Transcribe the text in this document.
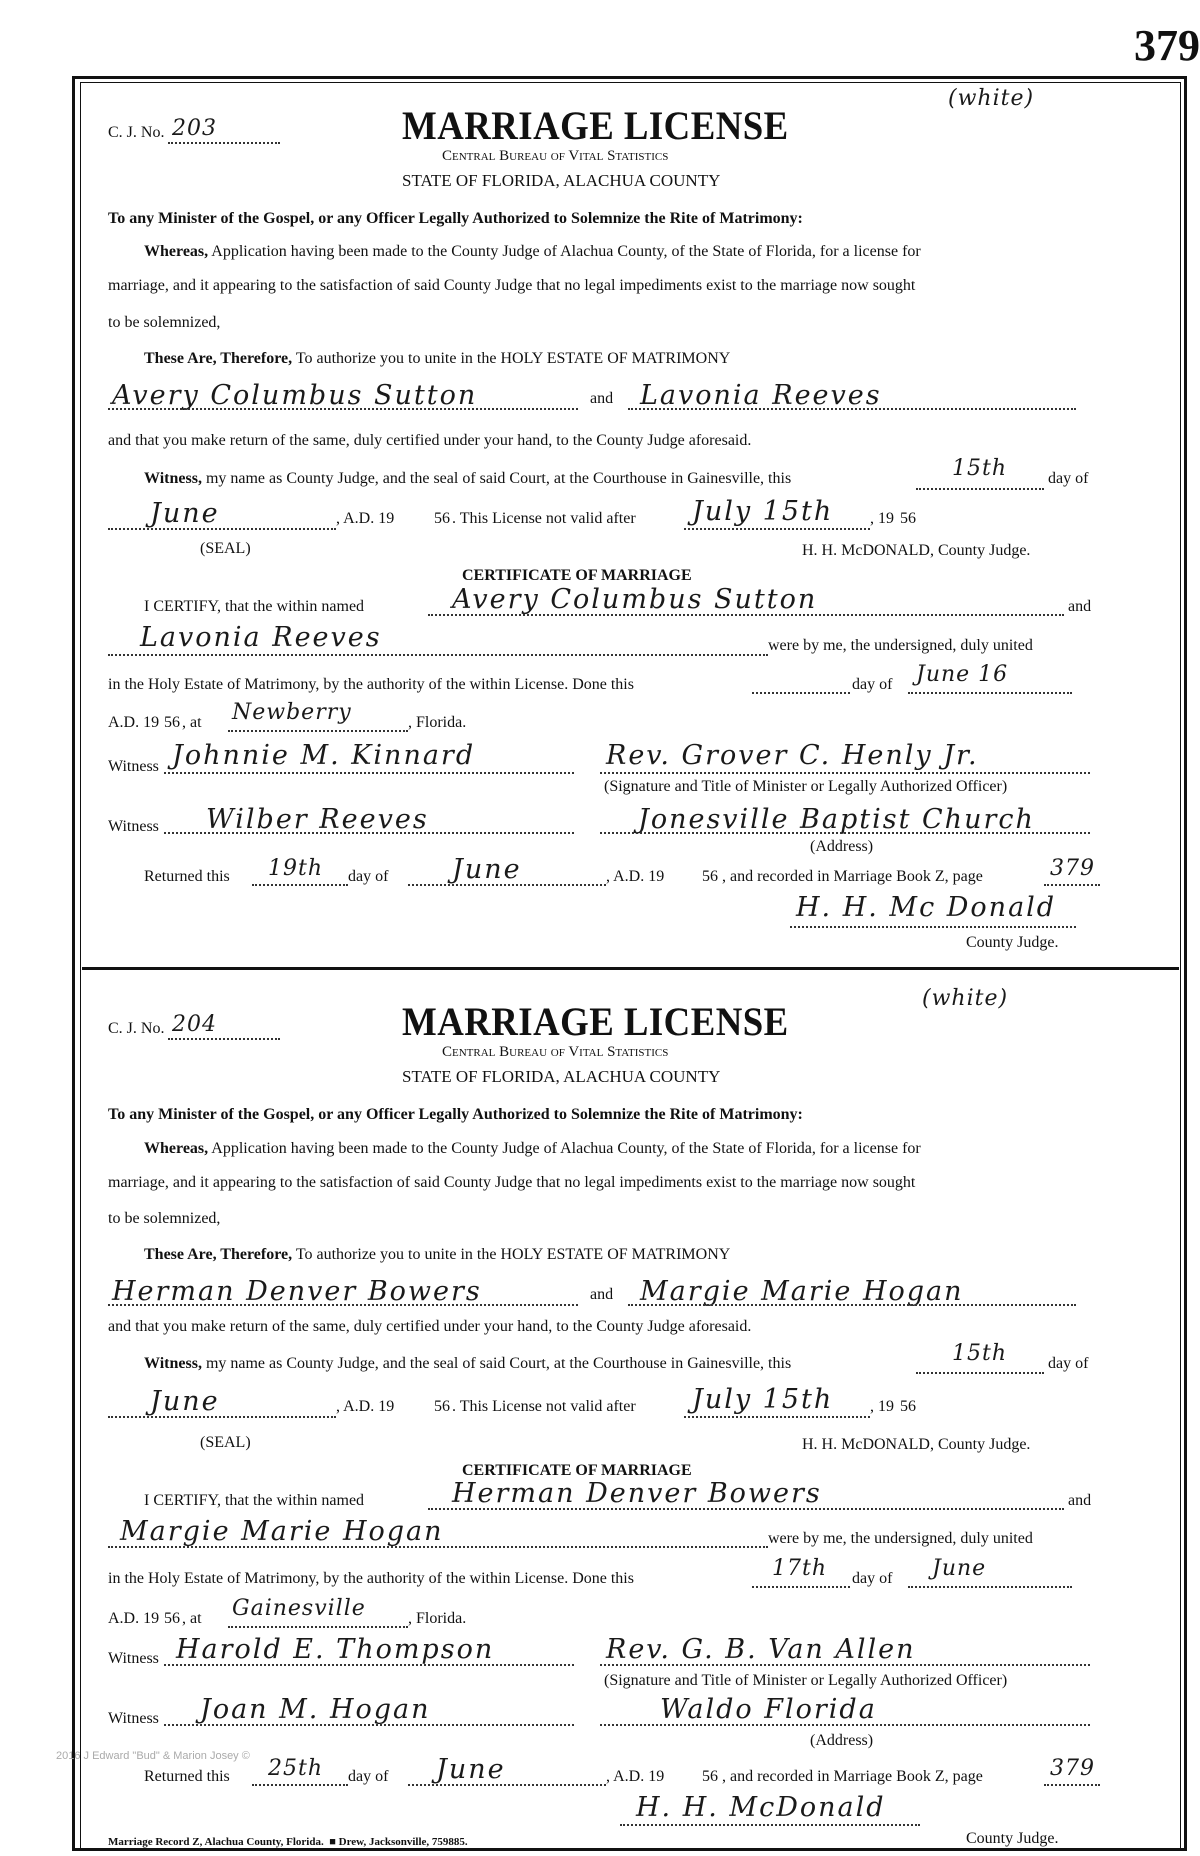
379
C. J. No. 203
(white)
MARRIAGE LICENSE
Central Bureau of Vital Statistics
STATE OF FLORIDA, ALACHUA COUNTY
To any Minister of the Gospel, or any Officer Legally Authorized to Solemnize the Rite of Matrimony:
Whereas, Application having been made to the County Judge of Alachua County, of the State of Florida, for a license for
marriage, and it appearing to the satisfaction of said County Judge that no legal impediments exist to the marriage now sought
to be solemnized,
These Are, Therefore, To authorize you to unite in the HOLY ESTATE OF MATRIMONY
Avery Columbus Sutton	and Lavonia Reeves
and that you make return of the same, duly certified under your hand, to the County Judge aforesaid.
Witness, my name as County Judge, and the seal of said Court, at the Courthouse in Gainesville, this	15th	day of
June	, A.D. 19 56 . This License not valid after July 15th , 19 56
(SEAL)	H. H. McDONALD, County Judge.
CERTIFICATE OF MARRIAGE
I CERTIFY, that the within named	Avery Columbus Sutton	and
Lavonia Reeves	were by me, the undersigned, duly united
in the Holy Estate of Matrimony, by the authority of the within License. Done this	day of June 16
A.D. 19 56 , at Newberry	, Florida.
Witness Johnnie M. Kinnard	Rev. Grover C. Henly Jr.
(Signature and Title of Minister or Legally Authorized Officer)
Witness Wilber Reeves	Jonesville Baptist Church
(Address)
Returned this 19th day of June	, A.D. 19 56 , and recorded in Marriage Book Z, page	379
H. H. Mc Donald
County Judge.
C. J. No. 204
(white)
MARRIAGE LICENSE
Central Bureau of Vital Statistics
STATE OF FLORIDA, ALACHUA COUNTY
To any Minister of the Gospel, or any Officer Legally Authorized to Solemnize the Rite of Matrimony:
Whereas, Application having been made to the County Judge of Alachua County, of the State of Florida, for a license for
marriage, and it appearing to the satisfaction of said County Judge that no legal impediments exist to the marriage now sought
to be solemnized,
These Are, Therefore, To authorize you to unite in the HOLY ESTATE OF MATRIMONY
Herman Denver Bowers	and Margie Marie Hogan
and that you make return of the same, duly certified under your hand, to the County Judge aforesaid.
Witness, my name as County Judge, and the seal of said Court, at the Courthouse in Gainesville, this	15th	day of
June	, A.D. 19 56 . This License not valid after July 15th , 19 56
(SEAL)	H. H. McDONALD, County Judge.
CERTIFICATE OF MARRIAGE
I CERTIFY, that the within named	Herman Denver Bowers	and
Margie Marie Hogan	were by me, the undersigned, duly united
in the Holy Estate of Matrimony, by the authority of the within License. Done this	17th day of June
A.D. 19 56 , at Gainesville	, Florida.
Witness Harold E. Thompson	Rev. G. B. Van Allen
(Signature and Title of Minister or Legally Authorized Officer)
Witness Joan M. Hogan	Waldo Florida
(Address)
Returned this 25th day of June	, A.D. 19 56 , and recorded in Marriage Book Z, page	379
H. H. McDonald
County Judge.
2016 J Edward "Bud" & Marion Josey ©
Marriage Record Z, Alachua County, Florida. ■ Drew, Jacksonville, 759885.
